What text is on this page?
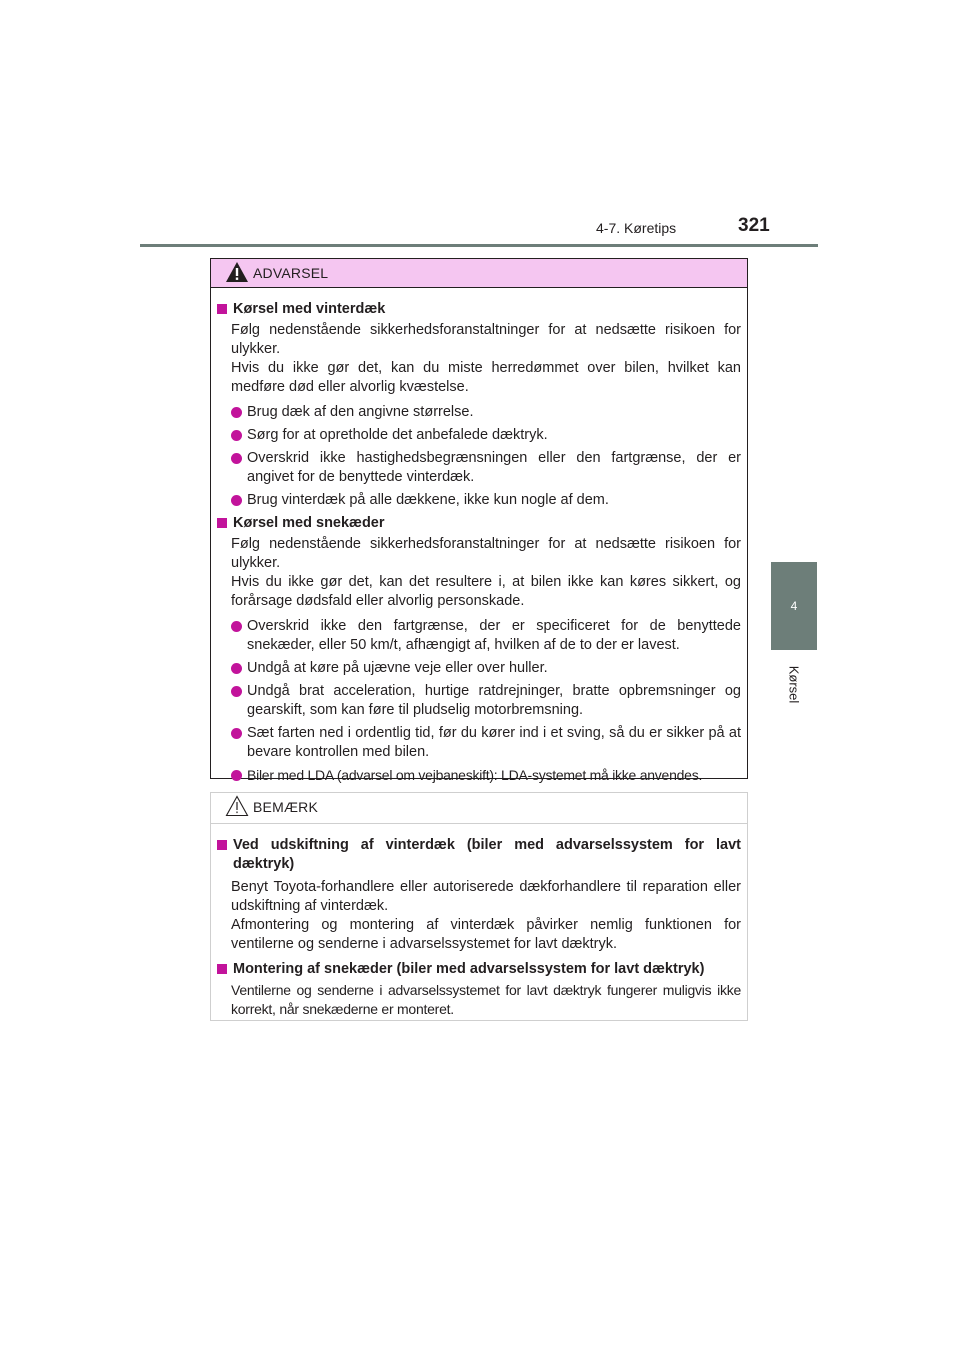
4-7. Køretips	321
4
Kørsel
ADVARSEL
Kørsel med vinterdæk

Følg nedenstående sikkerhedsforanstaltninger for at nedsætte risikoen for ulykker.

Hvis du ikke gør det, kan du miste herredømmet over bilen, hvilket kan medføre død eller alvorlig kvæstelse.

Brug dæk af den angivne størrelse.
Sørg for at opretholde det anbefalede dæktryk.
Overskrid ikke hastighedsbegrænsningen eller den fartgrænse, der er angivet for de benyttede vinterdæk.
Brug vinterdæk på alle dækkene, ikke kun nogle af dem.
Kørsel med snekæder

Følg nedenstående sikkerhedsforanstaltninger for at nedsætte risikoen for ulykker.

Hvis du ikke gør det, kan det resultere i, at bilen ikke kan køres sikkert, og forårsage dødsfald eller alvorlig personskade.

Overskrid ikke den fartgrænse, der er specificeret for de benyttede snekæder, eller 50 km/t, afhængigt af, hvilken af de to der er lavest.
Undgå at køre på ujævne veje eller over huller.
Undgå brat acceleration, hurtige ratdrejninger, bratte opbremsninger og gearskift, som kan føre til pludselig motorbremsning.
Sæt farten ned i ordentlig tid, før du kører ind i et sving, så du er sikker på at bevare kontrollen med bilen.
Biler med LDA (advarsel om vejbaneskift): LDA-systemet må ikke anvendes.
BEMÆRK
Ved udskiftning af vinterdæk (biler med advarselssystem for lavt dæktryk)

Benyt Toyota-forhandlere eller autoriserede dækforhandlere til reparation eller udskiftning af vinterdæk.

Afmontering og montering af vinterdæk påvirker nemlig funktionen for ventilerne og senderne i advarselssystemet for lavt dæktryk.

Montering af snekæder (biler med advarselssystem for lavt dæktryk)

Ventilerne og senderne i advarselssystemet for lavt dæktryk fungerer muligvis ikke korrekt, når snekæderne er monteret.
